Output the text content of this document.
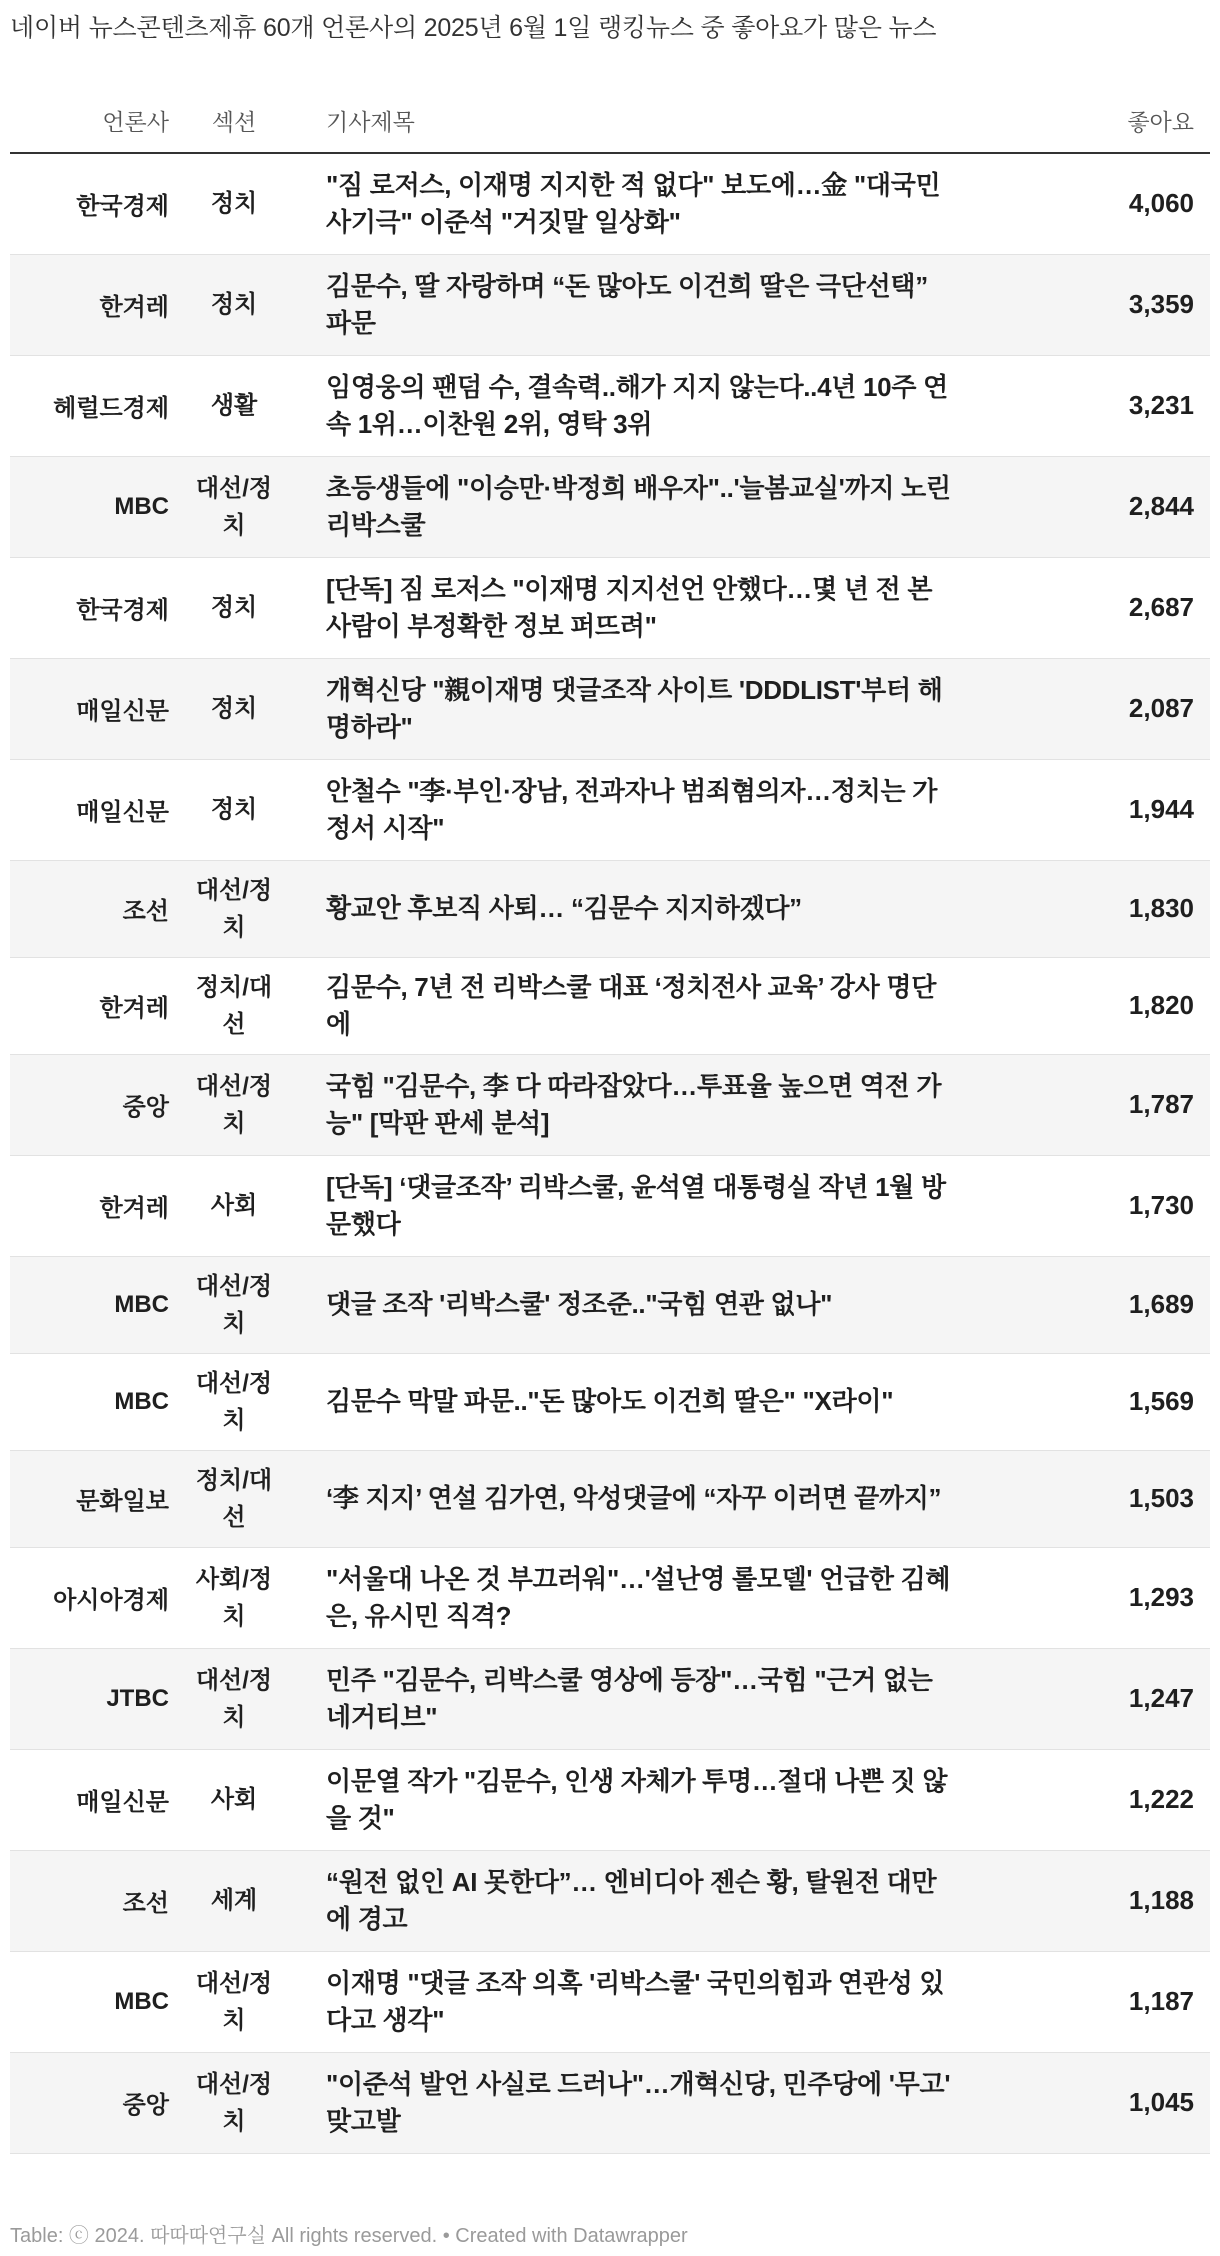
네이버 뉴스콘텐츠제휴 60개 언론사의 2025년 6월 1일 랭킹뉴스 중 좋아요가 많은 뉴스
언론사	섹션	기사제목	좋아요
한국경제	정치	"짐 로저스, 이재명 지지한 적 없다" 보도에…金 "대국민 사기극" 이준석 "거짓말 일상화"	4,060
한겨레	정치	김문수, 딸 자랑하며 “돈 많아도 이건희 딸은 극단선택” 파문	3,359
헤럴드경제	생활	임영웅의 팬덤 수, 결속력..해가 지지 않는다..4년 10주 연속 1위…이찬원 2위, 영탁 3위	3,231
MBC	대선/정치	초등생들에 "이승만·박정희 배우자"..'늘봄교실'까지 노린 리박스쿨	2,844
한국경제	정치	[단독] 짐 로저스 "이재명 지지선언 안했다…몇 년 전 본 사람이 부정확한 정보 퍼뜨려"	2,687
매일신문	정치	개혁신당 "親이재명 댓글조작 사이트 'DDDLIST'부터 해명하라"	2,087
매일신문	정치	안철수 "李·부인·장남, 전과자나 범죄혐의자…정치는 가정서 시작"	1,944
조선	대선/정치	황교안 후보직 사퇴… “김문수 지지하겠다”	1,830
한겨레	정치/대선	김문수, 7년 전 리박스쿨 대표 ‘정치전사 교육’ 강사 명단에	1,820
중앙	대선/정치	국힘 "김문수, 李 다 따라잡았다…투표율 높으면 역전 가능" [막판 판세 분석]	1,787
한겨레	사회	[단독] ‘댓글조작’ 리박스쿨, 윤석열 대통령실 작년 1월 방문했다	1,730
MBC	대선/정치	댓글 조작 '리박스쿨' 정조준.."국힘 연관 없나"	1,689
MBC	대선/정치	김문수 막말 파문.."돈 많아도 이건희 딸은" "X라이"	1,569
문화일보	정치/대선	‘李 지지’ 연설 김가연, 악성댓글에 “자꾸 이러면 끝까지”	1,503
아시아경제	사회/정치	"서울대 나온 것 부끄러워"…'설난영 롤모델' 언급한 김혜은, 유시민 직격?	1,293
JTBC	대선/정치	민주 "김문수, 리박스쿨 영상에 등장"…국힘 "근거 없는 네거티브"	1,247
매일신문	사회	이문열 작가 "김문수, 인생 자체가 투명…절대 나쁜 짓 않을 것"	1,222
조선	세계	“원전 없인 AI 못한다”… 엔비디아 젠슨 황, 탈원전 대만에 경고	1,188
MBC	대선/정치	이재명 "댓글 조작 의혹 '리박스쿨' 국민의힘과 연관성 있다고 생각"	1,187
중앙	대선/정치	"이준석 발언 사실로 드러나"…개혁신당, 민주당에 '무고' 맞고발	1,045
Table: ⓒ 2024. 따따따연구실 All rights reserved. • Created with Datawrapper
